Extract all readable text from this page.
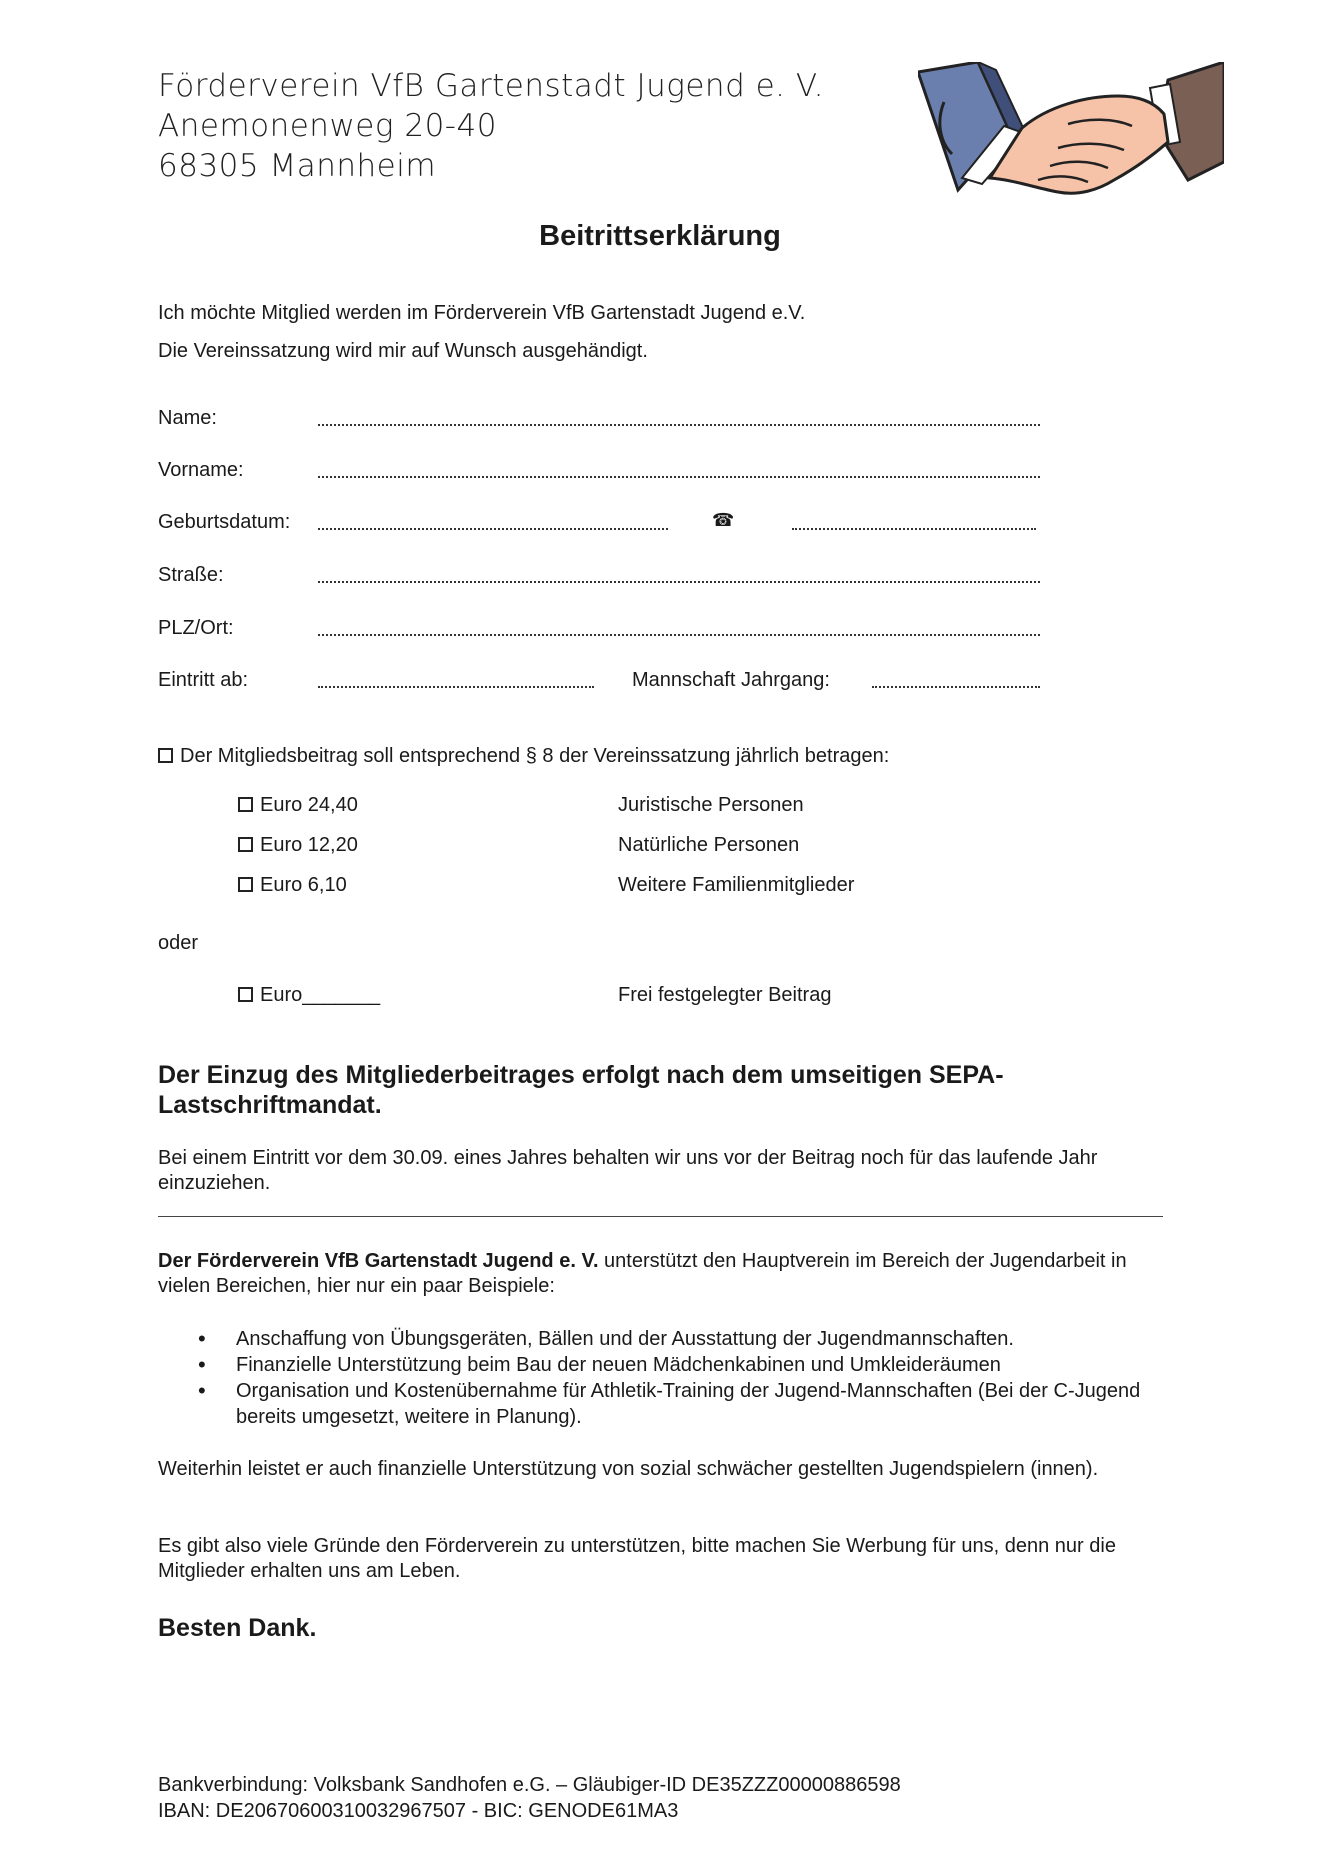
Förderverein VfB Gartenstadt Jugend e. V.
Anemonenweg 20-40
68305 Mannheim
Beitrittserklärung
Ich möchte Mitglied werden im Förderverein VfB Gartenstadt Jugend e.V.
Die Vereinssatzung wird mir auf Wunsch ausgehändigt.
Name:
Vorname:
Geburtsdatum:	☎
Straße:
PLZ/Ort:
Eintritt ab:	Mannschaft Jahrgang:
Der Mitgliedsbeitrag soll entsprechend § 8 der Vereinssatzung jährlich betragen:
Euro 24,40	Juristische Personen
Euro 12,20	Natürliche Personen
Euro 6,10	Weitere Familienmitglieder
oder
Euro_______	Frei festgelegter Beitrag
Der Einzug des Mitgliederbeitrages erfolgt nach dem umseitigen SEPA-Lastschriftmandat.
Bei einem Eintritt vor dem 30.09. eines Jahres behalten wir uns vor der Beitrag noch für das laufende Jahr einzuziehen.
Der Förderverein VfB Gartenstadt Jugend e. V. unterstützt den Hauptverein im Bereich der Jugendarbeit in vielen Bereichen, hier nur ein paar Beispiele:
• Anschaffung von Übungsgeräten, Bällen und der Ausstattung der Jugendmannschaften.
• Finanzielle Unterstützung beim Bau der neuen Mädchenkabinen und Umkleideräumen
• Organisation und Kostenübernahme für Athletik-Training der Jugend-Mannschaften (Bei der C-Jugend bereits umgesetzt, weitere in Planung).
Weiterhin leistet er auch finanzielle Unterstützung von sozial schwächer gestellten Jugendspielern (innen).
Es gibt also viele Gründe den Förderverein zu unterstützen, bitte machen Sie Werbung für uns, denn nur die Mitglieder erhalten uns am Leben.
Besten Dank.
Bankverbindung: Volksbank Sandhofen e.G. – Gläubiger-ID DE35ZZZ00000886598
IBAN: DE20670600310032967507 - BIC: GENODE61MA3
